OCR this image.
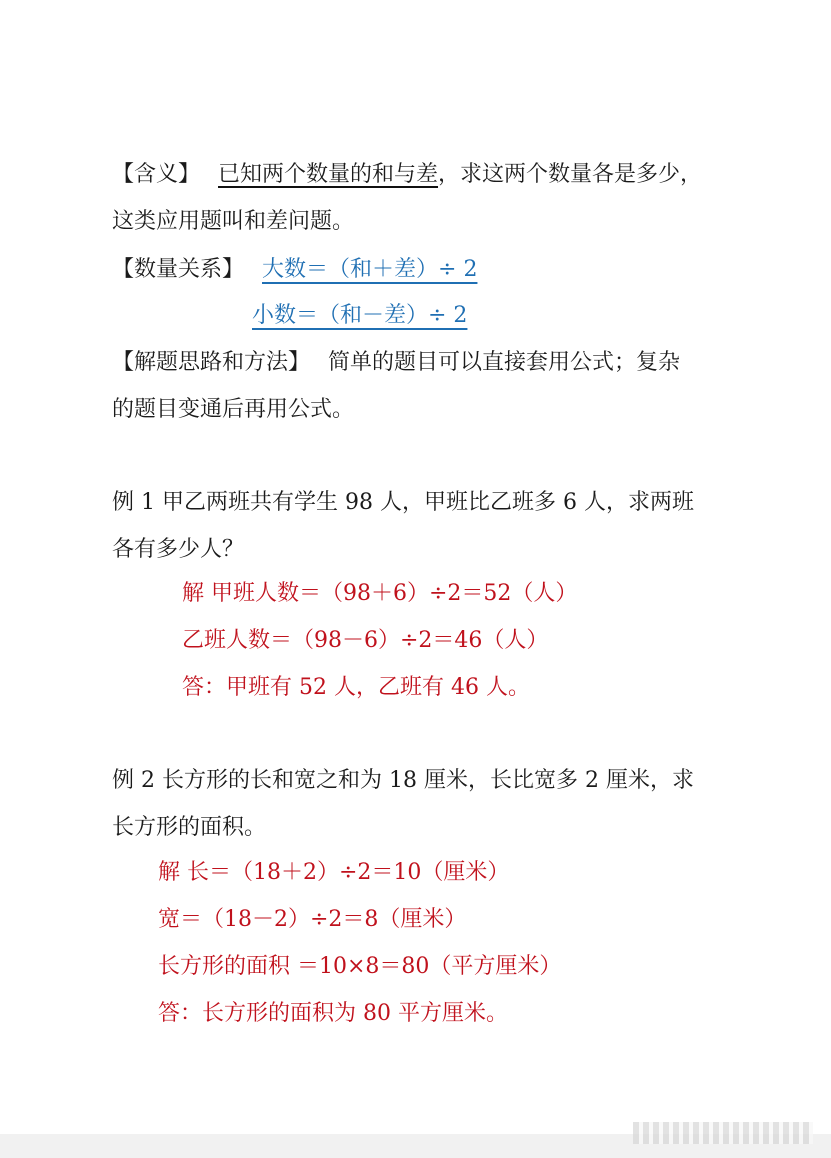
【含义】 已知两个数量的和与差，求这两个数量各是多少，
这类应用题叫和差问题。
【数量关系】 大数＝（和＋差）÷ 2
小数＝（和－差）÷ 2
【解题思路和方法】 简单的题目可以直接套用公式；复杂
的题目变通后再用公式。
例 1 甲乙两班共有学生 98 人，甲班比乙班多 6 人，求两班
各有多少人？
解 甲班人数＝（98＋6）÷2＝52（人）
乙班人数＝（98－6）÷2＝46（人）
答：甲班有 52 人，乙班有 46 人。
例 2 长方形的长和宽之和为 18 厘米，长比宽多 2 厘米，求
长方形的面积。
解 长＝（18＋2）÷2＝10（厘米）
宽＝（18－2）÷2＝8（厘米）
长方形的面积 ＝10×8＝80（平方厘米）
答：长方形的面积为 80 平方厘米。
